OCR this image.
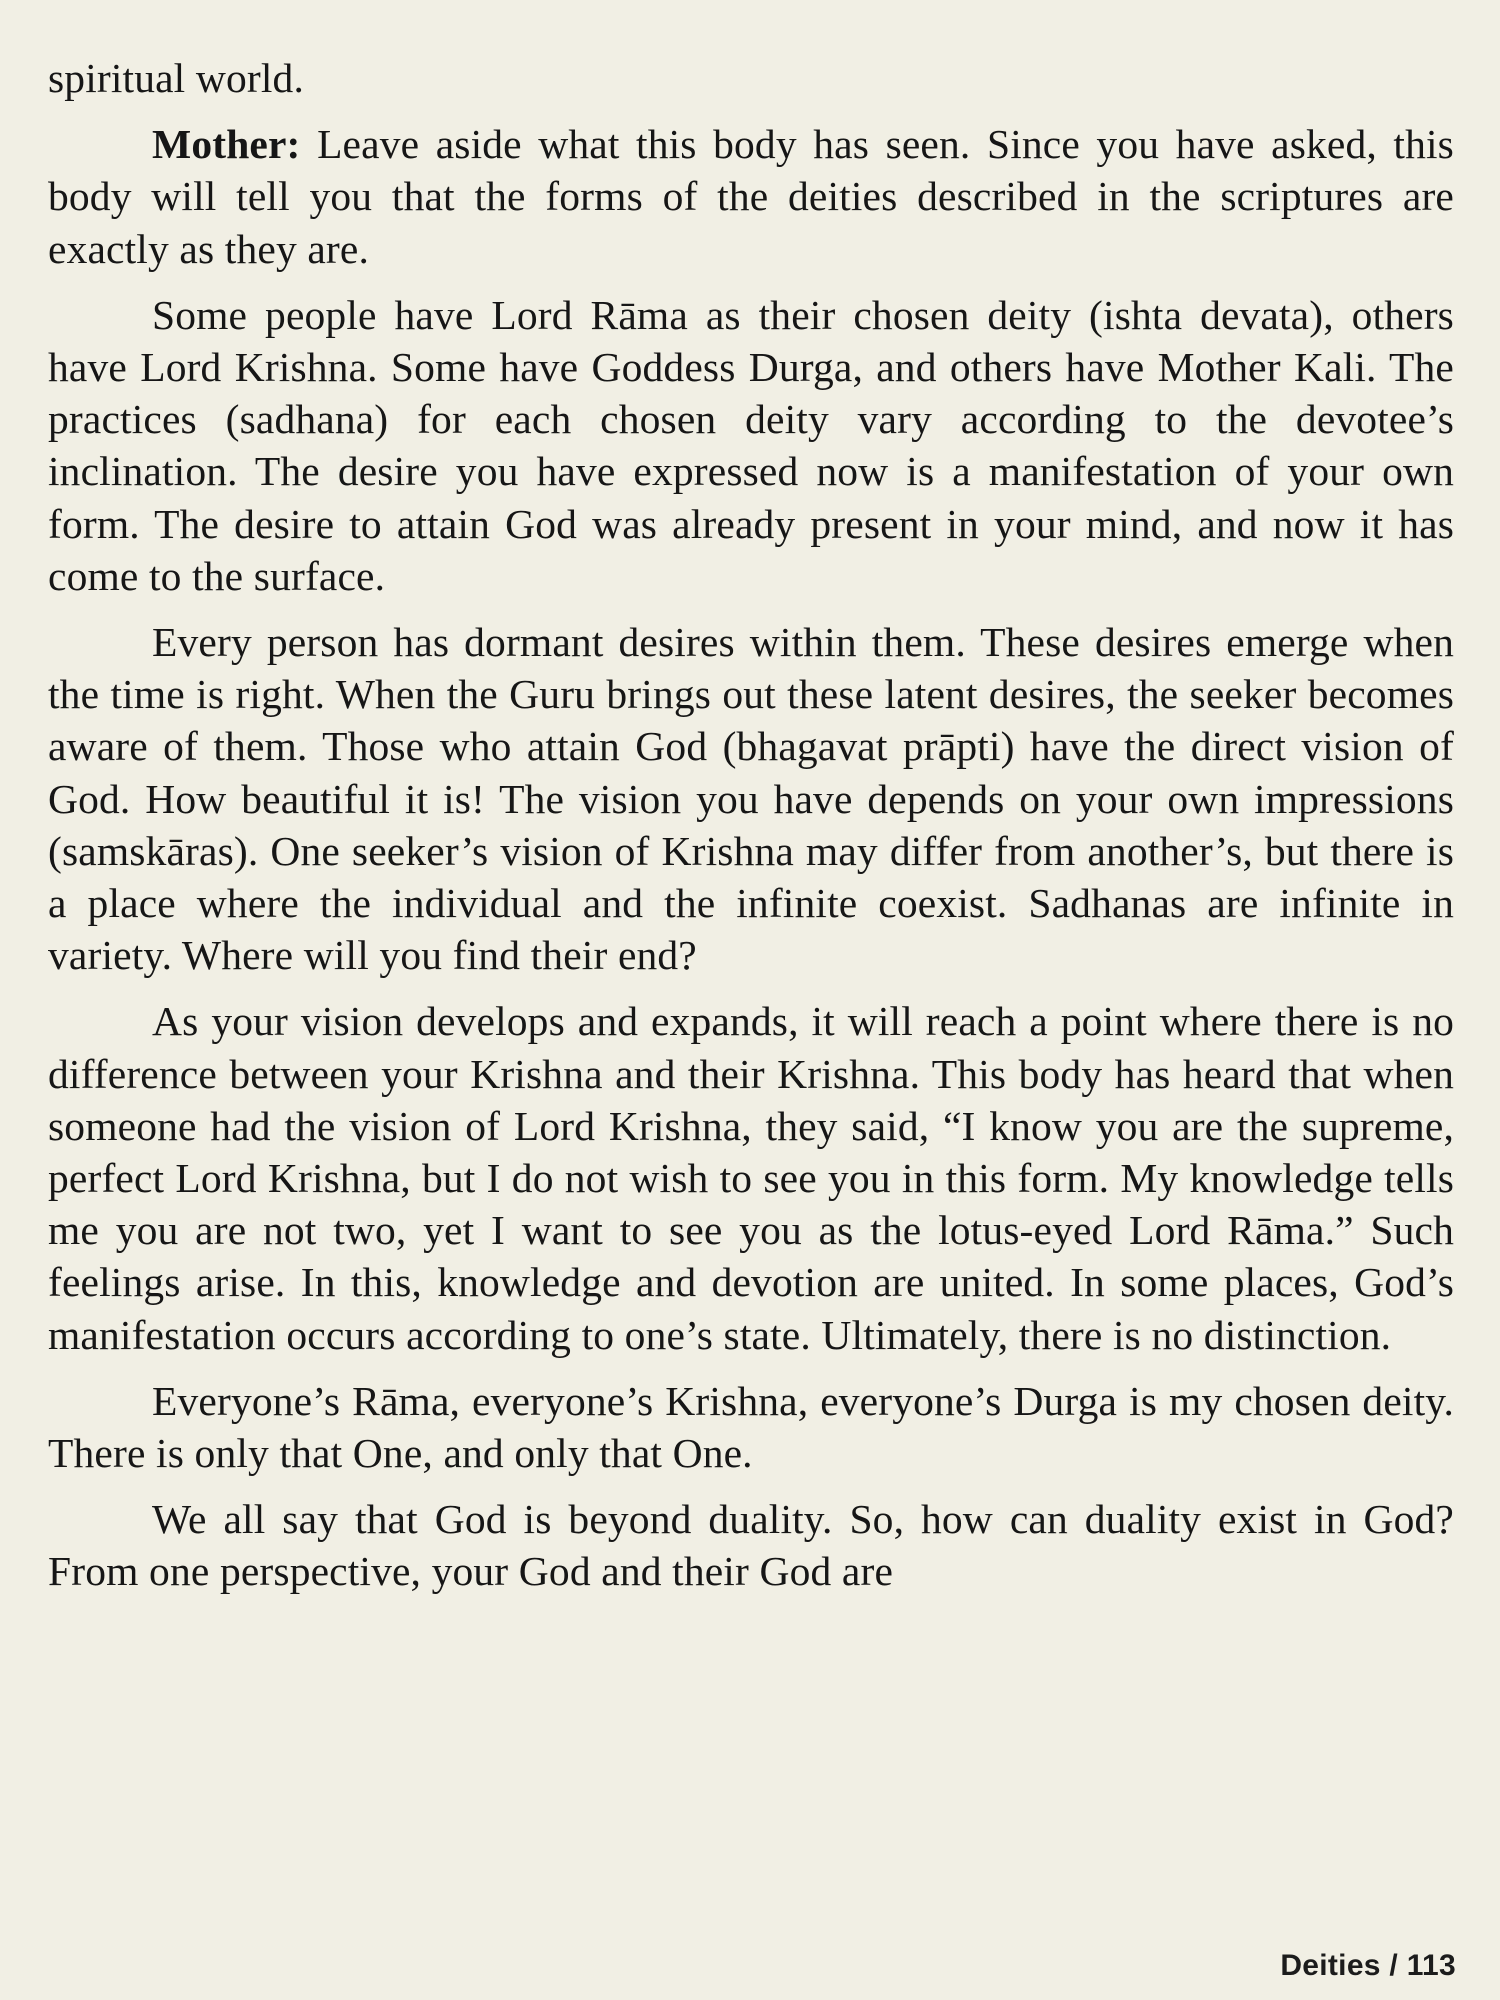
spiritual world.

Mother: Leave aside what this body has seen. Since you have asked, this body will tell you that the forms of the deities described in the scriptures are exactly as they are.

Some people have Lord Rāma as their chosen deity (ishta devata), others have Lord Krishna. Some have Goddess Durga, and others have Mother Kali. The practices (sadhana) for each chosen deity vary according to the devotee’s inclination. The desire you have expressed now is a manifestation of your own form. The desire to attain God was already present in your mind, and now it has come to the surface.

Every person has dormant desires within them. These desires emerge when the time is right. When the Guru brings out these latent desires, the seeker becomes aware of them. Those who attain God (bhagavat prāpti) have the direct vision of God. How beautiful it is! The vision you have depends on your own impressions (samskāras). One seeker’s vision of Krishna may differ from another’s, but there is a place where the individual and the infinite coexist. Sadhanas are infinite in variety. Where will you find their end?

As your vision develops and expands, it will reach a point where there is no difference between your Krishna and their Krishna. This body has heard that when someone had the vision of Lord Krishna, they said, “I know you are the supreme, perfect Lord Krishna, but I do not wish to see you in this form. My knowledge tells me you are not two, yet I want to see you as the lotus-eyed Lord Rāma.” Such feelings arise. In this, knowledge and devotion are united. In some places, God’s manifestation occurs according to one’s state. Ultimately, there is no distinction.

Everyone’s Rāma, everyone’s Krishna, everyone’s Durga is my chosen deity. There is only that One, and only that One.

We all say that God is beyond duality. So, how can duality exist in God? From one perspective, your God and their God are

Deities / 113
